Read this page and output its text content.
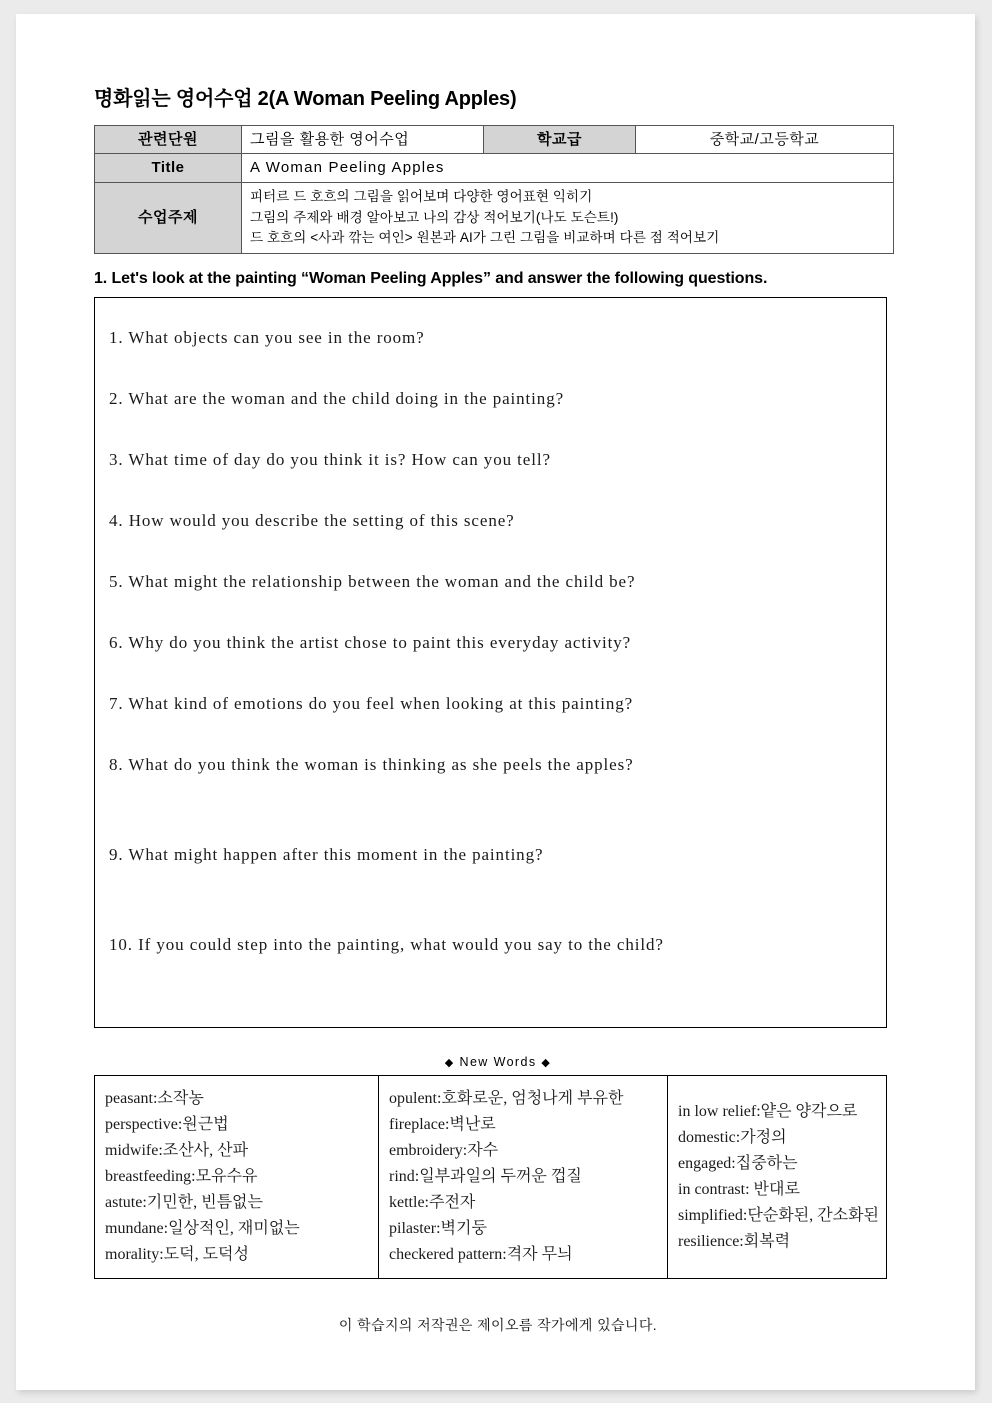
명화읽는 영어수업 2(A Woman Peeling Apples)
관련단원	그림을 활용한 영어수업	학교급	중학교/고등학교
Title	A Woman Peeling Apples		
수업주제	피터르 드 호흐의 그림을 읽어보며 다양한 영어표현 익히기
그림의 주제와 배경 알아보고 나의 감상 적어보기(나도 도슨트!)
드 호흐의 <사과 깎는 여인> 원본과 AI가 그린 그림을 비교하며 다른 점 적어보기		
1. Let's look at the painting “Woman Peeling Apples” and answer the following questions.
1. What objects can you see in the room?
2. What are the woman and the child doing in the painting?
3. What time of day do you think it is? How can you tell?
4. How would you describe the setting of this scene?
5. What might the relationship between the woman and the child be?
6. Why do you think the artist chose to paint this everyday activity?
7. What kind of emotions do you feel when looking at this painting?
8. What do you think the woman is thinking as she peels the apples?
9. What might happen after this moment in the painting?
10. If you could step into the painting, what would you say to the child?
◆ New Words ◆
peasant:소작농
perspective:원근법
midwife:조산사, 산파
breastfeeding:모유수유
astute:기민한, 빈틈없는
mundane:일상적인, 재미없는
morality:도덕, 도덕성

opulent:호화로운, 엄청나게 부유한
fireplace:벽난로
embroidery:자수
rind:일부과일의 두꺼운 껍질
kettle:주전자
pilaster:벽기둥
checkered pattern:격자 무늬

in low relief:얕은 양각으로
domestic:가정의
engaged:집중하는
in contrast: 반대로
simplified:단순화된, 간소화된
resilience:회복력
이 학습지의 저작권은 제이오름 작가에게 있습니다.
